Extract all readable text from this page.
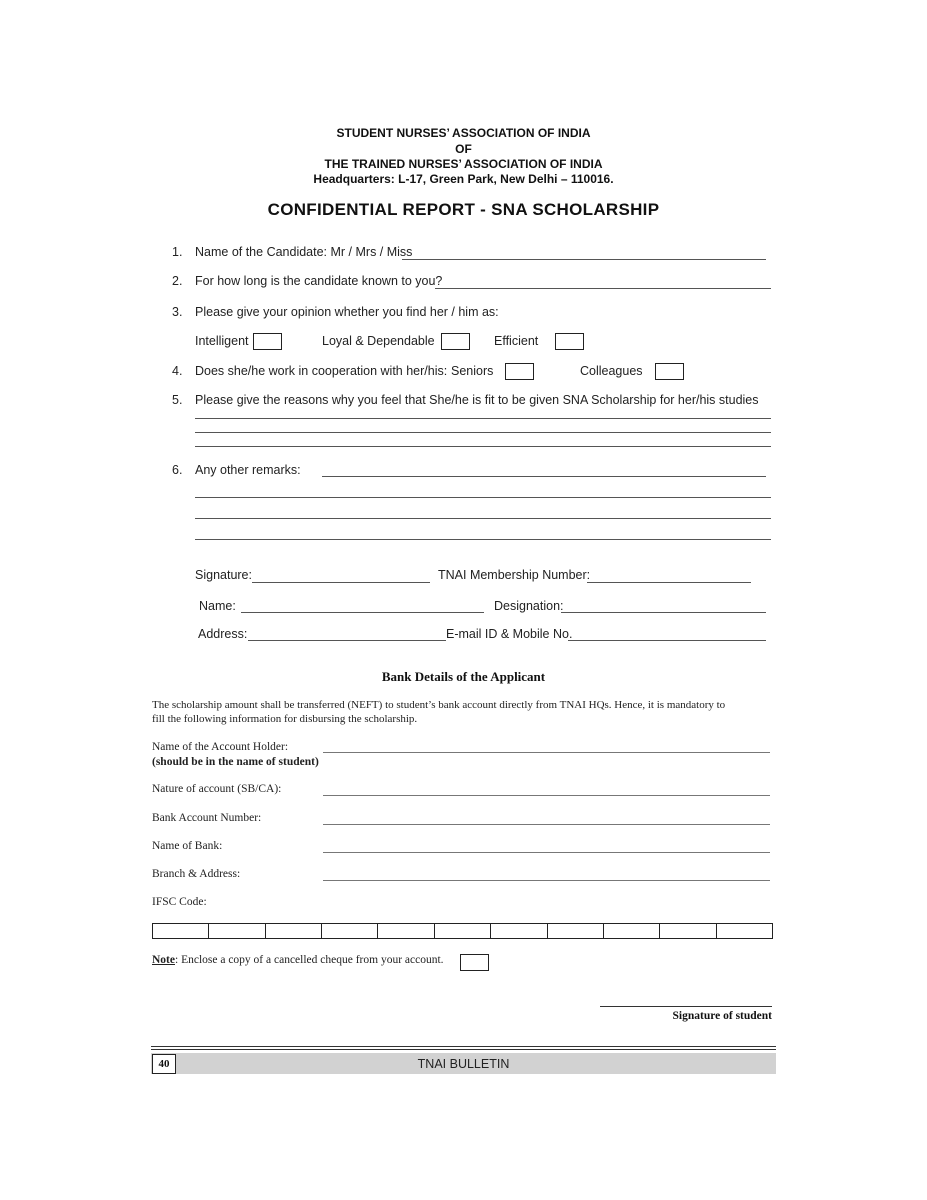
STUDENT NURSES’ ASSOCIATION OF INDIA
OF
THE TRAINED NURSES’ ASSOCIATION OF INDIA
Headquarters: L-17, Green Park, New Delhi – 110016.
CONFIDENTIAL REPORT - SNA SCHOLARSHIP
1. Name of the Candidate: Mr / Mrs / Miss
2. For how long is the candidate known to you?
3. Please give your opinion whether you find her / him as:
Intelligent	Loyal & Dependable	Efficient
4. Does she/he work in cooperation with her/his: Seniors	Colleagues
5. Please give the reasons why you feel that She/he is fit to be given SNA Scholarship for her/his studies
6. Any other remarks:
Signature:	TNAI Membership Number:
Name:	Designation:
Address:	E-mail ID & Mobile No.
Bank Details of the Applicant
The scholarship amount shall be transferred (NEFT) to student’s bank account directly from TNAI HQs. Hence, it is mandatory to
fill the following information for disbursing the scholarship.
Name of the Account Holder:
(should be in the name of student)
Nature of account (SB/CA):
Bank Account Number:
Name of Bank:
Branch & Address:
IFSC Code:
Note: Enclose a copy of a cancelled cheque from your account.
Signature of student
40	TNAI BULLETIN
